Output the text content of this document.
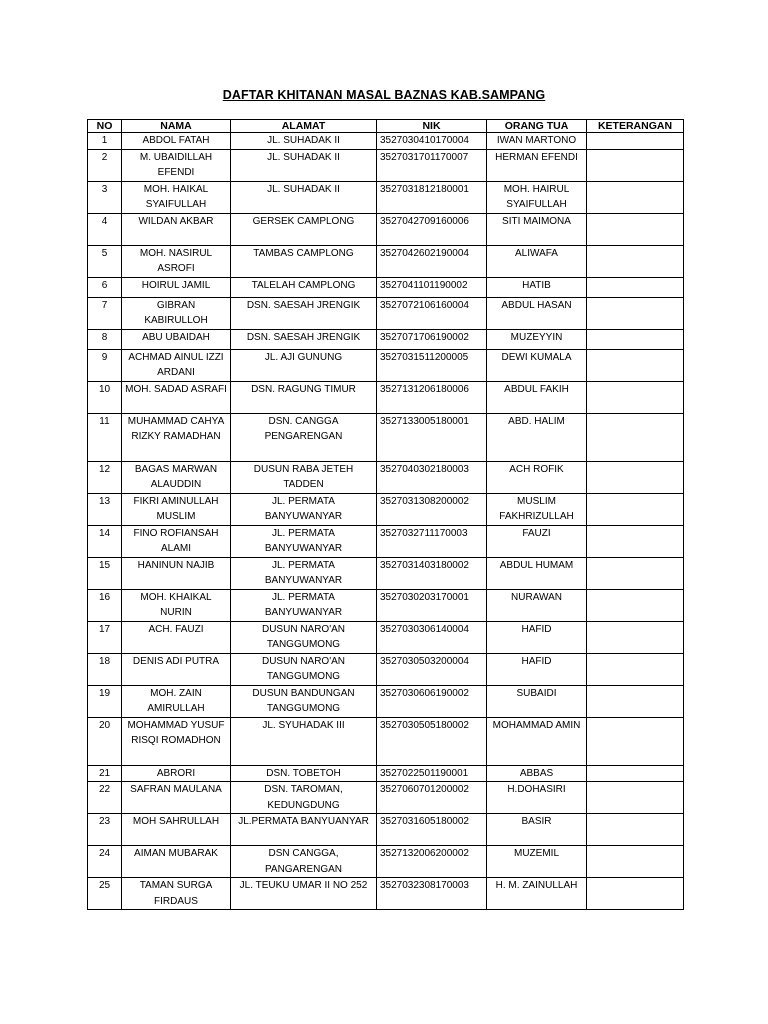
DAFTAR KHITANAN MASAL BAZNAS KAB.SAMPANG
NO	NAMA	ALAMAT	NIK	ORANG TUA	KETERANGAN
1	ABDOL FATAH	JL. SUHADAK II	3527030410170004	IWAN MARTONO	
2	M. UBAIDILLAH EFENDI	JL. SUHADAK II	3527031701170007	HERMAN EFENDI	
3	MOH. HAIKAL SYAIFULLAH	JL. SUHADAK II	3527031812180001	MOH. HAIRUL SYAIFULLAH	
4	WILDAN AKBAR	GERSEK CAMPLONG	3527042709160006	SITI MAIMONA	
5	MOH. NASIRUL ASROFI	TAMBAS CAMPLONG	3527042602190004	ALIWAFA	
6	HOIRUL JAMIL	TALELAH CAMPLONG	3527041101190002	HATIB	
7	GIBRAN KABIRULLOH	DSN. SAESAH JRENGIK	3527072106160004	ABDUL HASAN	
8	ABU UBAIDAH	DSN. SAESAH JRENGIK	3527071706190002	MUZEYYIN	
9	ACHMAD AINUL IZZI ARDANI	JL. AJI GUNUNG	3527031511200005	DEWI KUMALA	
10	MOH. SADAD ASRAFI	DSN. RAGUNG TIMUR	3527131206180006	ABDUL FAKIH	
11	MUHAMMAD CAHYA RIZKY RAMADHAN	DSN. CANGGA PENGARENGAN	3527133005180001	ABD. HALIM	
12	BAGAS MARWAN ALAUDDIN	DUSUN RABA JETEH TADDEN	3527040302180003	ACH ROFIK	
13	FIKRI AMINULLAH MUSLIM	JL. PERMATA BANYUWANYAR	3527031308200002	MUSLIM FAKHRIZULLAH	
14	FINO ROFIANSAH ALAMI	JL. PERMATA BANYUWANYAR	3527032711170003	FAUZI	
15	HANINUN NAJIB	JL. PERMATA BANYUWANYAR	3527031403180002	ABDUL HUMAM	
16	MOH. KHAIKAL NURIN	JL. PERMATA BANYUWANYAR	3527030203170001	NURAWAN	
17	ACH. FAUZI	DUSUN NARO'AN TANGGUMONG	3527030306140004	HAFID	
18	DENIS ADI PUTRA	DUSUN NARO'AN TANGGUMONG	3527030503200004	HAFID	
19	MOH. ZAIN AMIRULLAH	DUSUN BANDUNGAN TANGGUMONG	3527030606190002	SUBAIDI	
20	MOHAMMAD YUSUF RISQI ROMADHON	JL. SYUHADAK III	3527030505180002	MOHAMMAD AMIN	
21	ABRORI	DSN. TOBETOH	3527022501190001	ABBAS	
22	SAFRAN MAULANA	DSN. TAROMAN, KEDUNGDUNG	3527060701200002	H.DOHASIRI	
23	MOH SAHRULLAH	JL.PERMATA BANYUANYAR	3527031605180002	BASIR	
24	AIMAN MUBARAK	DSN CANGGA, PANGARENGAN	3527132006200002	MUZEMIL	
25	TAMAN SURGA FIRDAUS	JL. TEUKU UMAR II NO 252	3527032308170003	H. M. ZAINULLAH	
